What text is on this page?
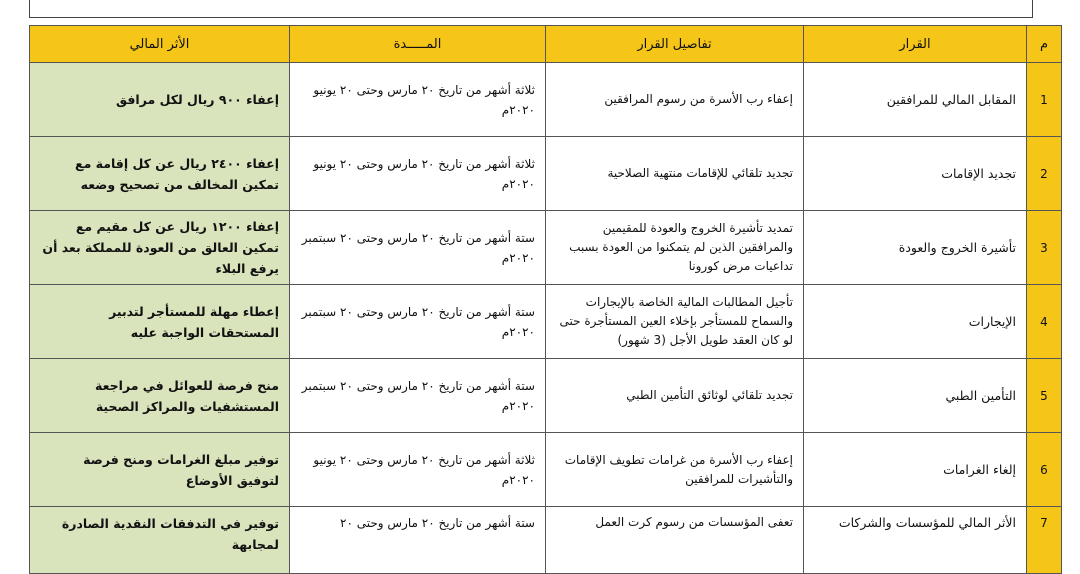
م	القرار	تفاصيل القرار	المـــــدة	الأثر المالي
1	المقابل المالي للمرافقين	إعفاء رب الأسرة من رسوم المرافقين	ثلاثة أشهر من تاريخ ٢٠ مارس وحتى ٢٠ يونيو ٢٠٢٠م	إعفاء ٩٠٠ ريال لكل مرافق
2	تجديد الإقامات	تجديد تلقائي للإقامات منتهية الصلاحية	ثلاثة أشهر من تاريخ ٢٠ مارس وحتى ٢٠ يونيو ٢٠٢٠م	إعفاء ٢٤٠٠ ريال عن كل إقامة مع تمكين المخالف من تصحيح وضعه
3	تأشيرة الخروج والعودة	تمديد تأشيرة الخروج والعودة للمقيمين والمرافقين الذين لم يتمكنوا من العودة بسبب تداعيات مرض كورونا	ستة أشهر من تاريخ ٢٠ مارس وحتى ٢٠ سبتمبر ٢٠٢٠م	إعفاء ١٢٠٠ ريال عن كل مقيم مع تمكين العالق من العودة للمملكة بعد أن يرفع البلاء
4	الإيجارات	تأجيل المطالبات المالية الخاصة بالإيجارات والسماح للمستأجر بإخلاء العين المستأجرة حتى لو كان العقد طويل الأجل (3 شهور)	ستة أشهر من تاريخ ٢٠ مارس وحتى ٢٠ سبتمبر ٢٠٢٠م	إعطاء مهلة للمستأجر لتدبير المستحقات الواجبة عليه
5	التأمين الطبي	تجديد تلقائي لوثائق التأمين الطبي	ستة أشهر من تاريخ ٢٠ مارس وحتى ٢٠ سبتمبر ٢٠٢٠م	منح فرصة للعوائل في مراجعة المستشفيات والمراكز الصحية
6	إلغاء الغرامات	إعفاء رب الأسرة من غرامات تطويف الإقامات والتأشيرات للمرافقين	ثلاثة أشهر من تاريخ ٢٠ مارس وحتى ٢٠ يونيو ٢٠٢٠م	توفير مبلغ الغرامات ومنح فرصة لتوفيق الأوضاع
7	الأثر المالي للمؤسسات والشركات	تعفى المؤسسات من رسوم كرت العمل	ستة أشهر من تاريخ ٢٠ مارس وحتى ٢٠	توفير في التدفقات النقدية الصادرة لمجابهة
